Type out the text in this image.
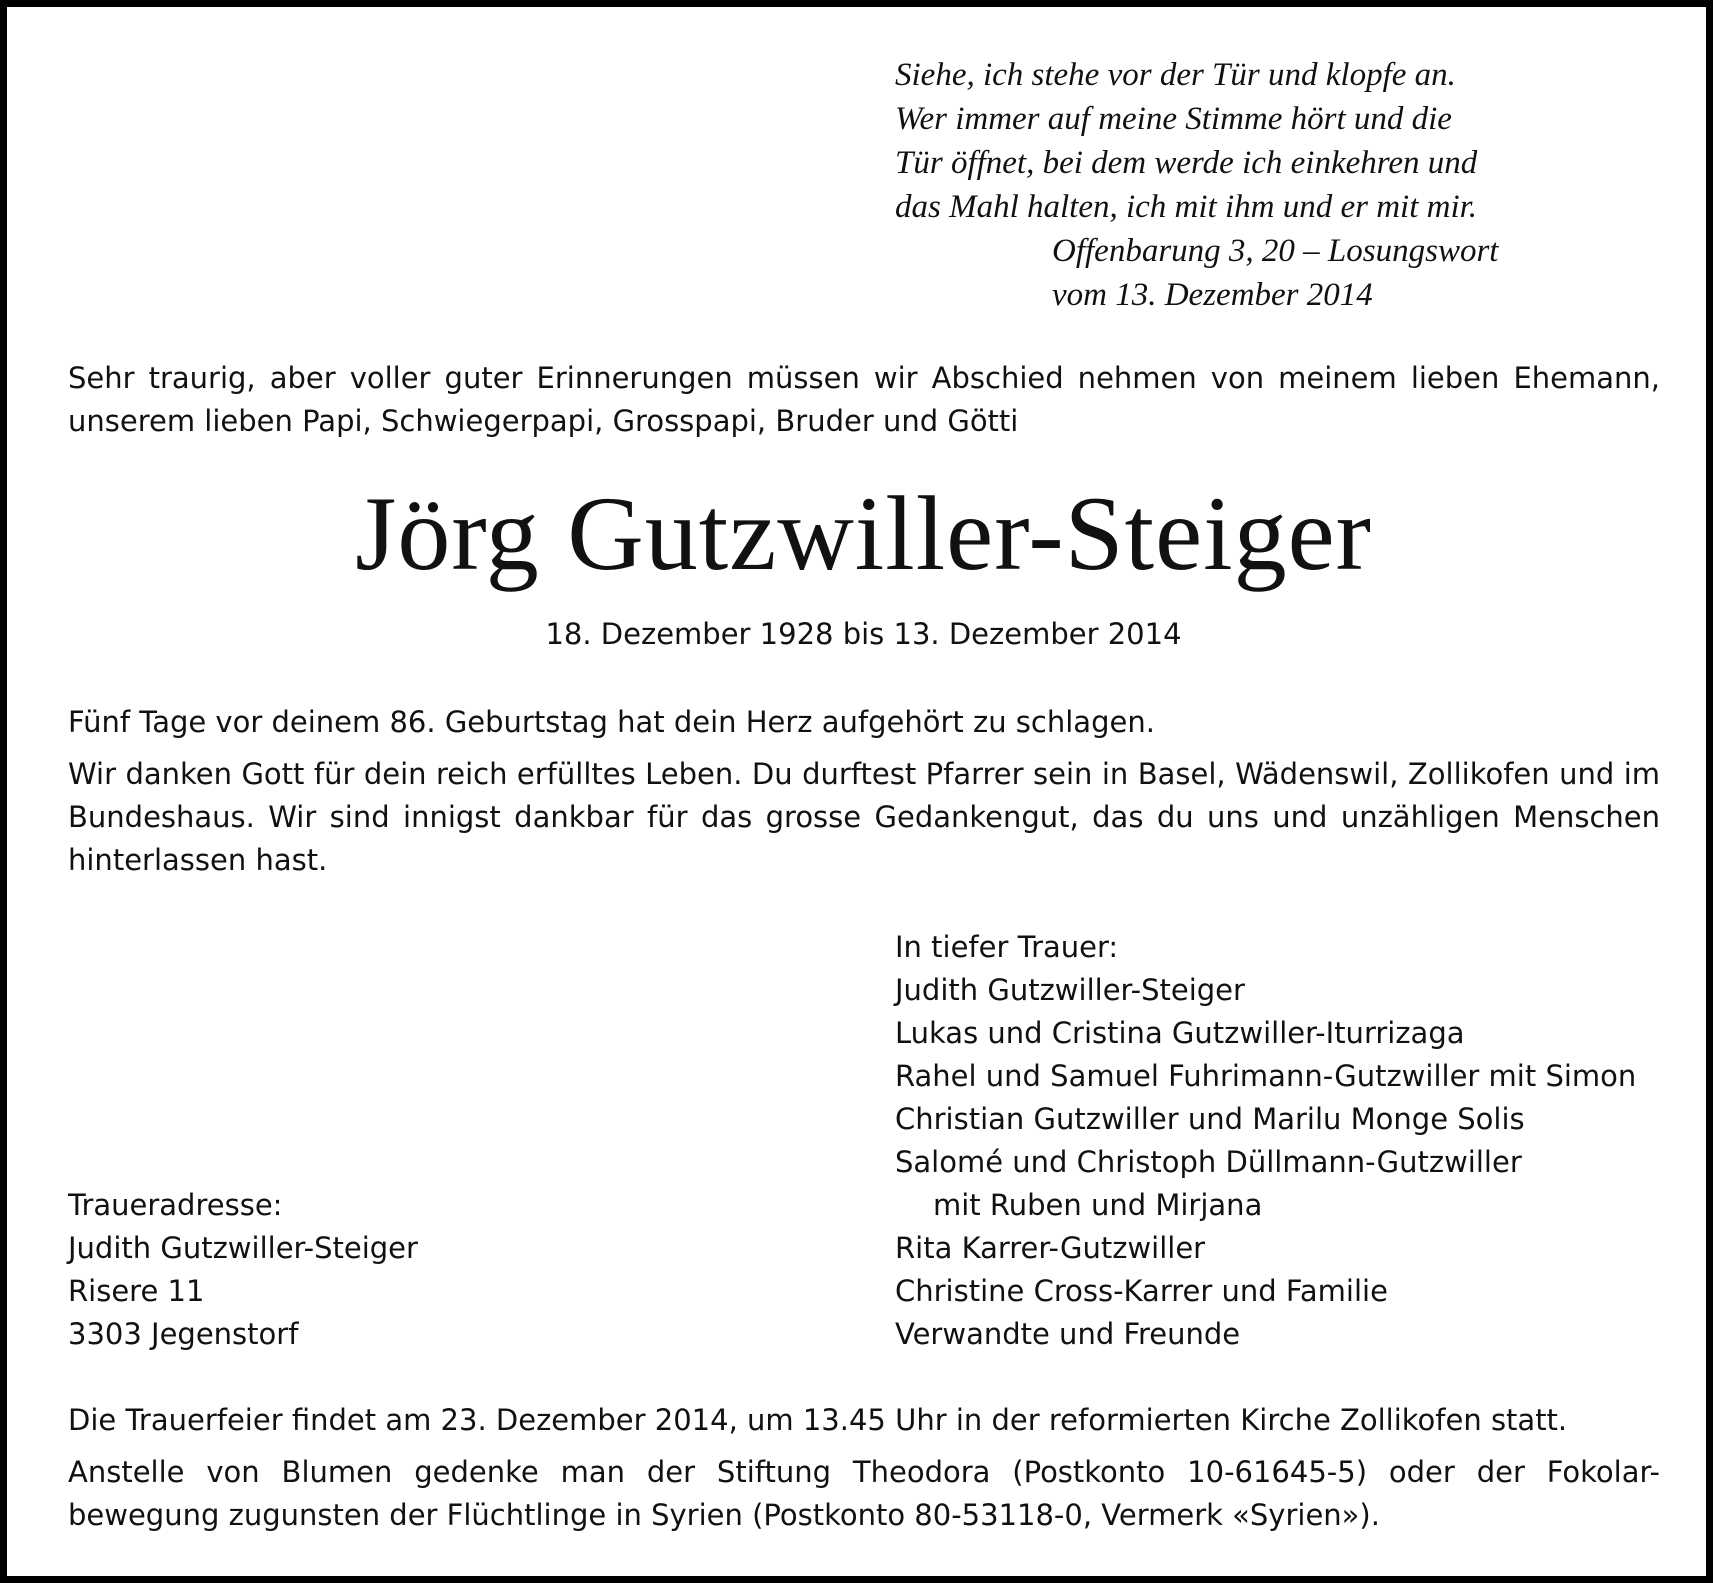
Siehe, ich stehe vor der Tür und klopfe an.
Wer immer auf meine Stimme hört und die
Tür öffnet, bei dem werde ich einkehren und
das Mahl halten, ich mit ihm und er mit mir.
Offenbarung 3, 20 – Losungswort
vom 13. Dezember 2014
Sehr traurig, aber voller guter Erinnerungen müssen wir Abschied nehmen von meinem lieben Ehemann,
unserem lieben Papi, Schwiegerpapi, Grosspapi, Bruder und Götti
Jörg Gutzwiller-Steiger
18. Dezember 1928 bis 13. Dezember 2014
Fünf Tage vor deinem 86. Geburtstag hat dein Herz aufgehört zu schlagen.
Wir danken Gott für dein reich erfülltes Leben. Du durftest Pfarrer sein in Basel, Wädenswil, Zollikofen und im
Bundeshaus. Wir sind innigst dankbar für das grosse Gedankengut, das du uns und unzähligen Menschen
hinterlassen hast.
In tiefer Trauer:
Judith Gutzwiller-Steiger
Lukas und Cristina Gutzwiller-Iturrizaga
Rahel und Samuel Fuhrimann-Gutzwiller mit Simon
Christian Gutzwiller und Marilu Monge Solis
Salomé und Christoph Düllmann-Gutzwiller
mit Ruben und Mirjana
Rita Karrer-Gutzwiller
Christine Cross-Karrer und Familie
Verwandte und Freunde
Traueradresse:
Judith Gutzwiller-Steiger
Risere 11
3303 Jegenstorf
Die Trauerfeier findet am 23. Dezember 2014, um 13.45 Uhr in der reformierten Kirche Zollikofen statt.
Anstelle von Blumen gedenke man der Stiftung Theodora (Postkonto 10-61645-5) oder der Fokolar-
bewegung zugunsten der Flüchtlinge in Syrien (Postkonto 80-53118-0, Vermerk «Syrien»).
